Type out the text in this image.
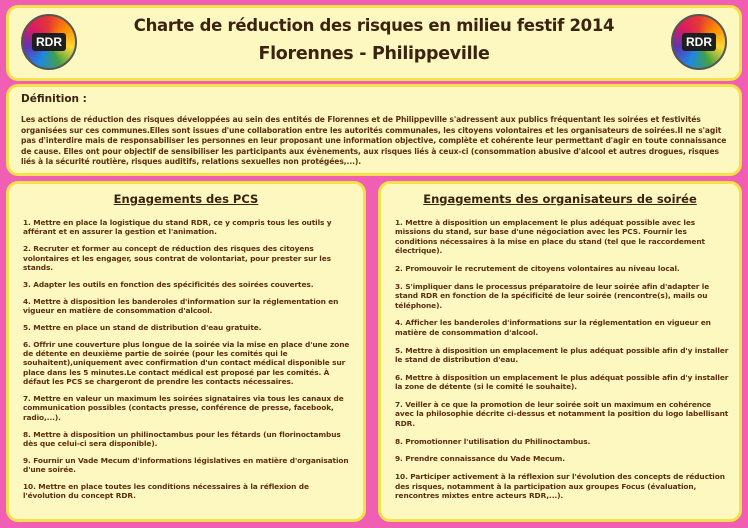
RDR
Charte de réduction des risques en milieu festif 2014
Florennes - Philippeville
RDR
Définition :

Les actions de réduction des risques développées au sein des entités de Florennes et de Philippeville s'adressent aux publics fréquentant les soirées et festivités organisées sur ces communes.Elles sont issues d'une collaboration entre les autorités communales, les citoyens volontaires et les organisateurs de soirées.Il ne s'agit pas d'interdire mais de responsabiliser les personnes en leur proposant une information objective, complète et cohérente leur permettant d'agir en toute connaissance de cause. Elles ont pour objectif de sensibiliser les participants aux évènements, aux risques liés à ceux-ci (consommation abusive d'alcool et autres drogues, risques liés à la sécurité routière, risques auditifs, relations sexuelles non protégées,...).

Engagements des PCS
1. Mettre en place la logistique du stand RDR, ce y compris tous les outils y afférant et en assurer la gestion et l'animation.
2. Recruter et former au concept de réduction des risques des citoyens volontaires et les engager, sous contrat de volontariat, pour prester sur les stands.
3. Adapter les outils en fonction des spécificités des soirées couvertes.
4. Mettre à disposition les banderoles d'information sur la réglementation en vigueur en matière de consommation d'alcool.
5. Mettre en place un stand de distribution d'eau gratuite.
6. Offrir une couverture plus longue de la soirée via la mise en place d'une zone de détente en deuxième partie de soirée (pour les comités qui le souhaitent),uniquement avec confirmation d'un contact médical disponible sur place dans les 5 minutes.Le contact médical est proposé par les comités. À défaut les PCS se chargeront de prendre les contacts nécessaires.
7. Mettre en valeur un maximum les soirées signataires via tous les canaux de communication possibles (contacts presse, conférence de presse, facebook, radio,...).
8. Mettre à disposition un philinoctambus pour les fêtards (un florinoctambus dès que celui-ci sera disponible).
9. Fournir un Vade Mecum d'informations législatives en matière d'organisation d'une soirée.
10. Mettre en place toutes les conditions nécessaires à la réflexion de l'évolution du concept RDR.
Engagements des organisateurs de soirée
1. Mettre à disposition un emplacement le plus adéquat possible avec les missions du stand, sur base d'une négociation avec les PCS. Fournir les conditions nécessaires à la mise en place du stand (tel que le raccordement électrique).
2. Promouvoir le recrutement de citoyens volontaires au niveau local.
3. S'impliquer dans le processus préparatoire de leur soirée afin d'adapter le stand RDR en fonction de la spécificité de leur soirée (rencontre(s), mails ou téléphone).
4. Afficher les banderoles d'informations sur la réglementation en vigueur en matière de consommation d'alcool.
5. Mettre à disposition un emplacement le plus adéquat possible afin d'y installer le stand de distribution d'eau.
6. Mettre à disposition un emplacement le plus adéquat possible afin d'y installer la zone de détente (si le comité le souhaite).
7. Veiller à ce que la promotion de leur soirée soit un maximum en cohérence avec la philosophie décrite ci-dessus et notamment la position du logo labellisant RDR.
8. Promotionner l'utilisation du Philinoctambus.
9. Prendre connaissance du Vade Mecum.
10. Participer activement à la réflexion sur l'évolution des concepts de réduction des risques, notamment à la participation aux groupes Focus (évaluation, rencontres mixtes entre acteurs RDR,...).
